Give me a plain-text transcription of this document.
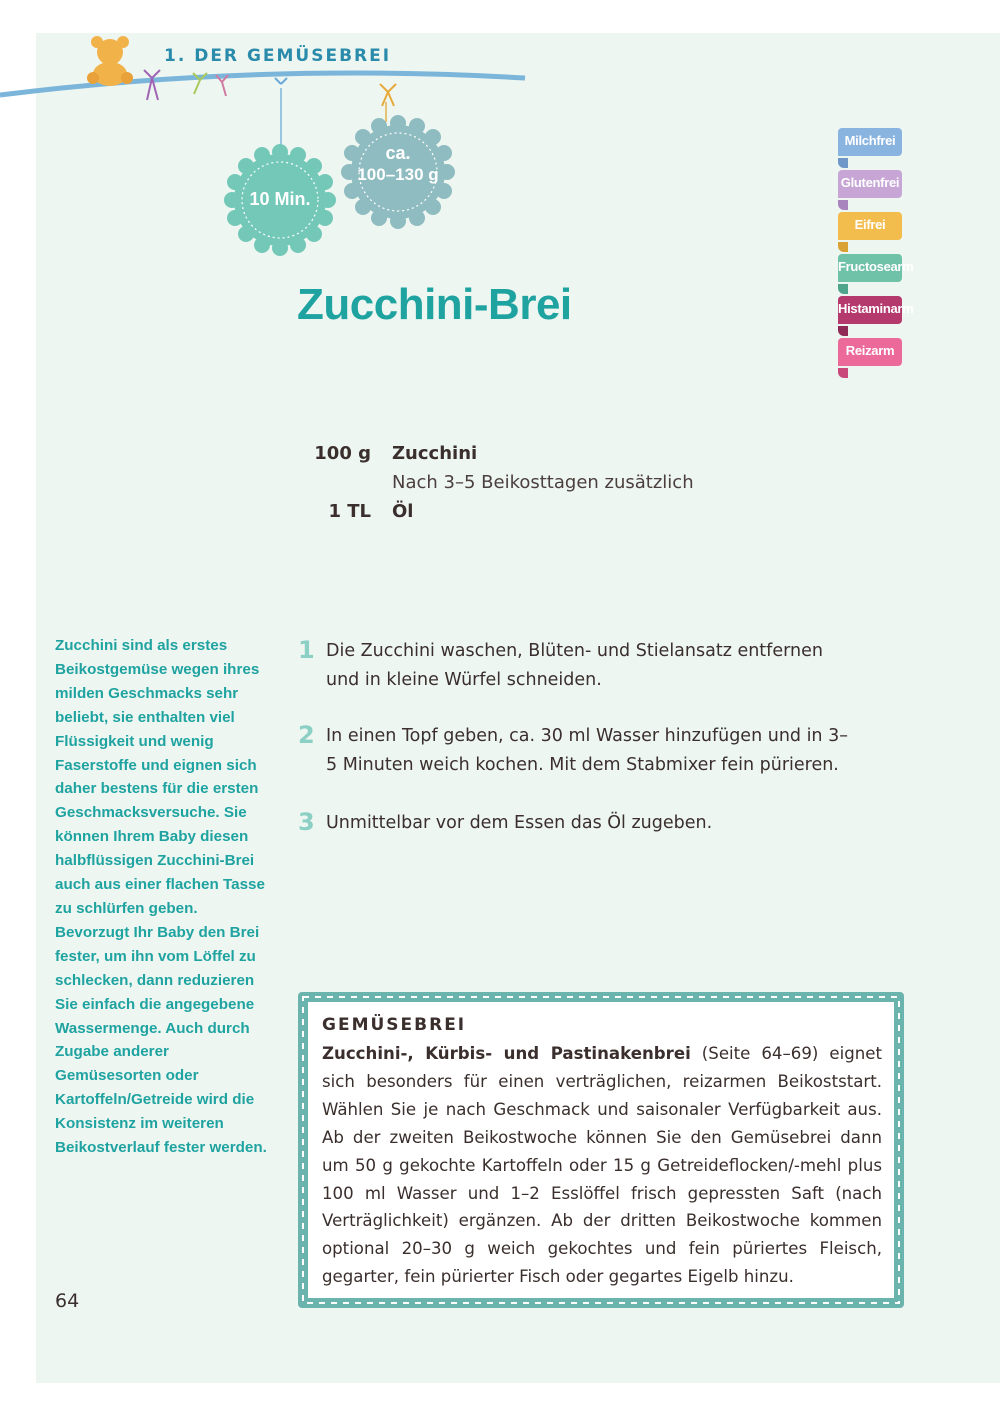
1. DER GEMÜSEBREI
10 Min.
ca.
100–130 g
Milchfrei
Glutenfrei
Eifrei
Fructosearm
Histaminarm
Reizarm
Zucchini-Brei
100 g Zucchini
Nach 3–5 Beikosttagen zusätzlich
1 TL Öl

Zucchini sind als erstes Beikostgemüse wegen ihres milden Geschmacks sehr beliebt, sie enthalten viel Flüssigkeit und wenig Faserstoffe und eignen sich daher bestens für die ersten Geschmacksversuche. Sie können Ihrem Baby diesen halbflüssigen Zucchini-Brei auch aus einer flachen Tasse zu schlürfen geben. Bevorzugt Ihr Baby den Brei fester, um ihn vom Löffel zu schlecken, dann reduzieren Sie einfach die angegebene Wassermenge. Auch durch Zugabe anderer Gemüsesorten oder Kartoffeln/Getreide wird die Konsistenz im weiteren Beikostverlauf fester werden.

1 Die Zucchini waschen, Blüten- und Stielansatz entfernen und in kleine Würfel schneiden.
2 In einen Topf geben, ca. 30 ml Wasser hinzufügen und in 3–5 Minuten weich kochen. Mit dem Stabmixer fein pürieren.
3 Unmittelbar vor dem Essen das Öl zugeben.
GEMÜSEBREI
Zucchini-, Kürbis- und Pastinakenbrei (Seite 64–69) eignet sich besonders für einen verträglichen, reizarmen Beikoststart. Wählen Sie je nach Geschmack und saisonaler Verfügbarkeit aus. Ab der zweiten Beikostwoche können Sie den Gemüsebrei dann um 50 g gekochte Kartoffeln oder 15 g Getreideflocken/-mehl plus 100 ml Wasser und 1–2 Esslöffel frisch gepressten Saft (nach Verträglichkeit) ergänzen. Ab der dritten Beikostwoche kommen optional 20–30 g weich gekochtes und fein püriertes Fleisch, gegarter, fein pürierter Fisch oder gegartes Eigelb hinzu.
64
